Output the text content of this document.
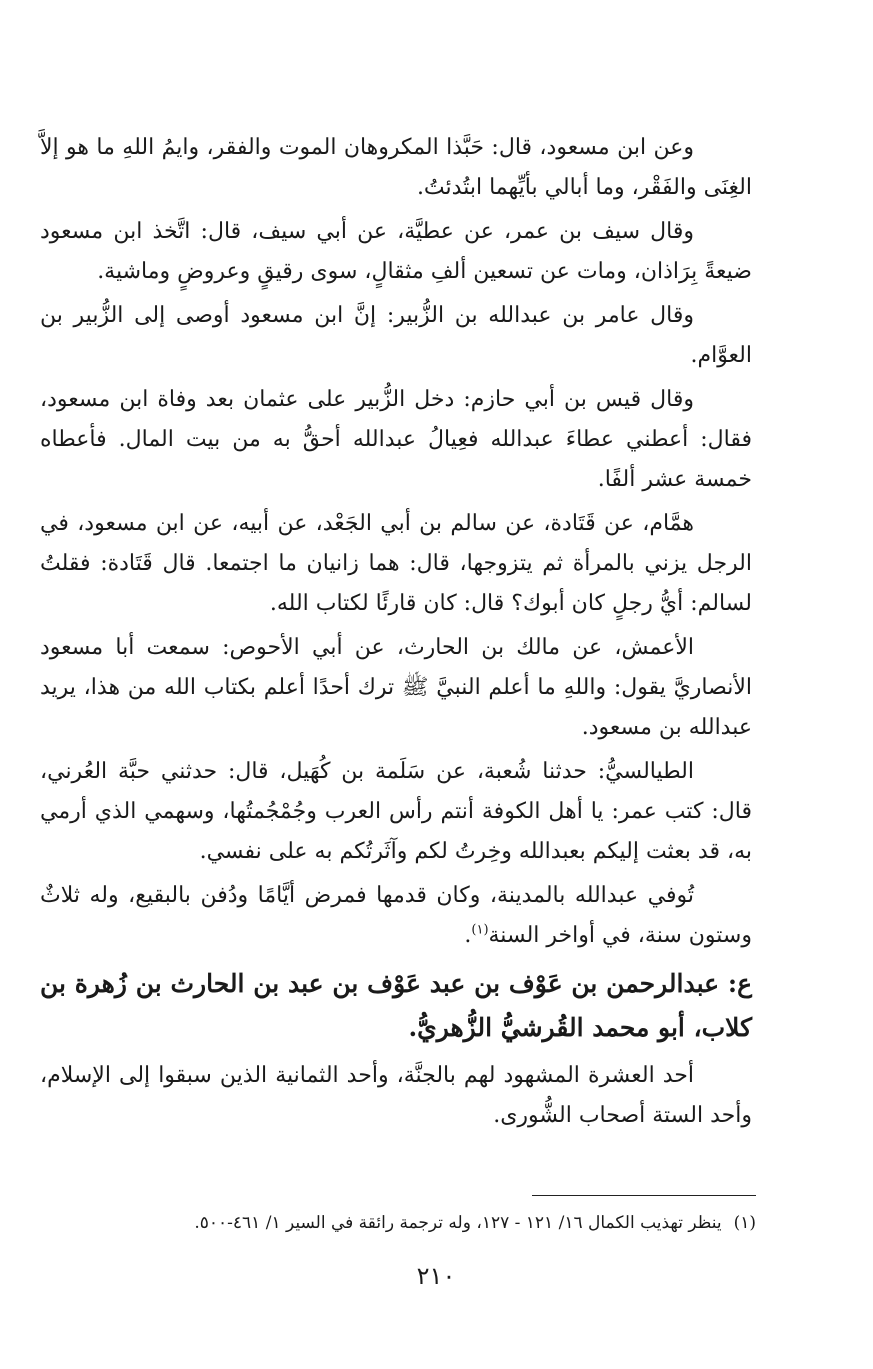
وعن ابن مسعود، قال: حَبَّذا المكروهان الموت والفقر، وايمُ اللهِ ما هو إلاَّ الغِنَى والفَقْر، وما أبالي بأيِّهما ابتُدئتُ.

وقال سيف بن عمر، عن عطيَّة، عن أبي سيف، قال: اتَّخذ ابن مسعود ضيعةً بِرَاذان، ومات عن تسعين ألفِ مثقالٍ، سوى رقيقٍ وعروضٍ وماشية.

وقال عامر بن عبدالله بن الزُّبير: إنَّ ابن مسعود أوصى إلى الزُّبير بن العوَّام.

وقال قيس بن أبي حازم: دخل الزُّبير على عثمان بعد وفاة ابن مسعود، فقال: أعطني عطاءَ عبدالله فعِيالُ عبدالله أحقُّ به من بيت المال. فأعطاه خمسة عشر ألفًا.

همَّام، عن قَتَادة، عن سالم بن أبي الجَعْد، عن أبيه، عن ابن مسعود، في الرجل يزني بالمرأة ثم يتزوجها، قال: هما زانيان ما اجتمعا. قال قَتَادة: فقلتُ لسالم: أيُّ رجلٍ كان أبوك؟ قال: كان قارئًا لكتاب الله.

الأعمش، عن مالك بن الحارث، عن أبي الأحوص: سمعت أبا مسعود الأنصاريَّ يقول: واللهِ ما أعلم النبيَّ ﷺ ترك أحدًا أعلم بكتاب الله من هذا، يريد عبدالله بن مسعود.

الطيالسيُّ: حدثنا شُعبة، عن سَلَمة بن كُهَيل، قال: حدثني حبَّة العُرني، قال: كتب عمر: يا أهل الكوفة أنتم رأس العرب وجُمْجُمتُها، وسهمي الذي أرمي به، قد بعثت إليكم بعبدالله وخِرتُ لكم وآثَرتُكم به على نفسي.

تُوفي عبدالله بالمدينة، وكان قدمها فمرض أيَّامًا ودُفن بالبقيع، وله ثلاثٌ وستون سنة، في أواخر السنة$^{(١)}$.

ع: عبدالرحمن بن عَوْف بن عبد عَوْف بن عبد بن الحارث بن زُهرة بن كلاب، أبو محمد القُرشيُّ الزُّهريُّ.

أحد العشرة المشهود لهم بالجنَّة، وأحد الثمانية الذين سبقوا إلى الإسلام، وأحد الستة أصحاب الشُّورى.

(١)ينظر تهذيب الكمال ١٦/ ١٢١ - ١٢٧، وله ترجمة رائقة في السير ١/ ٤٦١-٥٠٠.

٢١٠
